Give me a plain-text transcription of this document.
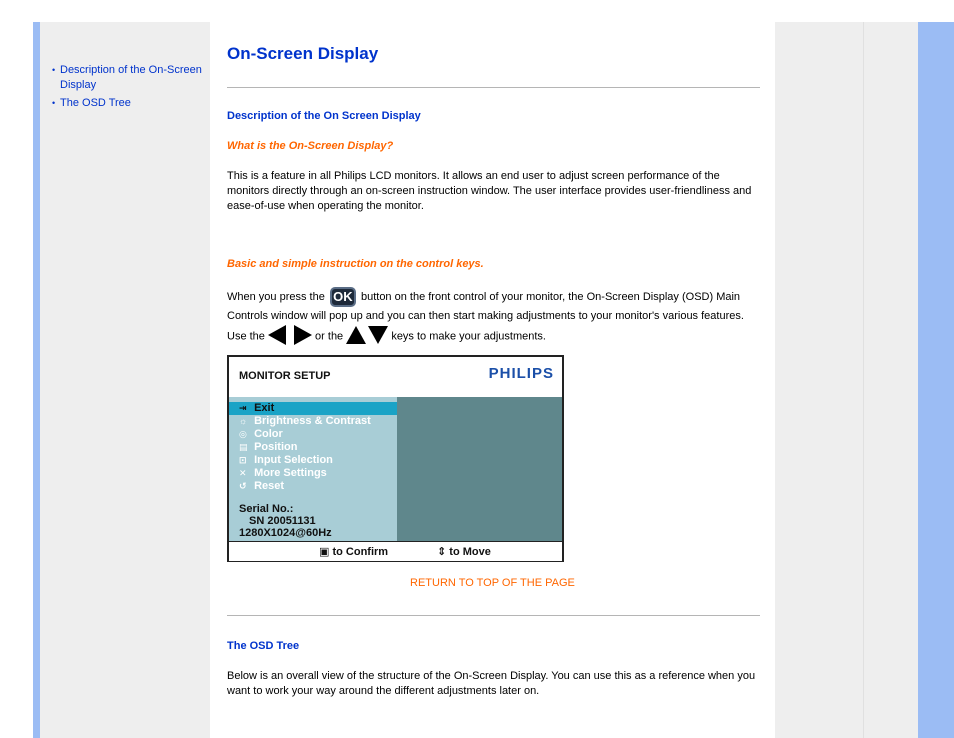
• Description of the On-Screen
Display
• The OSD Tree
On-Screen Display
Description of the On Screen Display
What is the On-Screen Display?

This is a feature in all Philips LCD monitors. It allows an end user to adjust screen performance of the monitors directly through an on-screen instruction window. The user interface provides user-friendliness and ease-of-use when operating the monitor.

Basic and simple instruction on the control keys.
When you press the OK button on the front control of your monitor, the On-Screen Display (OSD) Main
Controls window will pop up and you can then start making adjustments to your monitor's various features.
Use the	or the	keys to make your adjustments.
MONITOR SETUP	PHILIPS
⇥ Exit
☼ Brightness & Contrast
◎ Color
▤ Position
⊡ Input Selection
✕ More Settings
↺ Reset
Serial No.:
SN 20051131
1280X1024@60Hz
▣ to Confirm	⇕ to Move
RETURN TO TOP OF THE PAGE
The OSD Tree

Below is an overall view of the structure of the On-Screen Display. You can use this as a reference when you want to work your way around the different adjustments later on.
